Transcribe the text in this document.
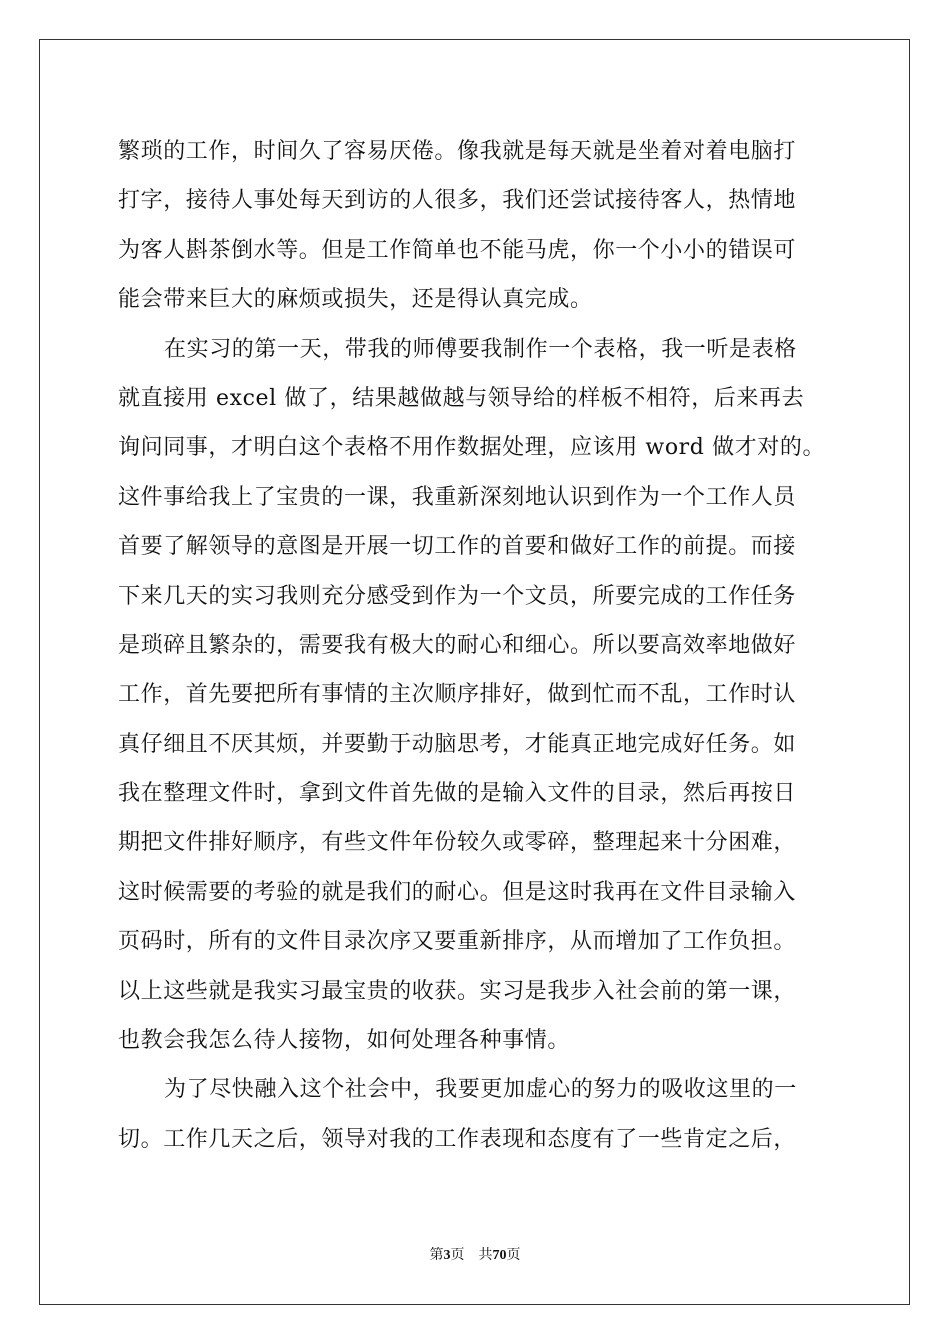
繁琐的工作，时间久了容易厌倦。像我就是每天就是坐着对着电脑打
打字，接待人事处每天到访的人很多，我们还尝试接待客人，热情地
为客人斟茶倒水等。但是工作简单也不能马虎，你一个小小的错误可
能会带来巨大的麻烦或损失，还是得认真完成。
在实习的第一天，带我的师傅要我制作一个表格，我一听是表格
就直接用 excel 做了，结果越做越与领导给的样板不相符，后来再去
询问同事，才明白这个表格不用作数据处理，应该用 word 做才对的。
这件事给我上了宝贵的一课，我重新深刻地认识到作为一个工作人员
首要了解领导的意图是开展一切工作的首要和做好工作的前提。而接
下来几天的实习我则充分感受到作为一个文员，所要完成的工作任务
是琐碎且繁杂的，需要我有极大的耐心和细心。所以要高效率地做好
工作，首先要把所有事情的主次顺序排好，做到忙而不乱，工作时认
真仔细且不厌其烦，并要勤于动脑思考，才能真正地完成好任务。如
我在整理文件时，拿到文件首先做的是输入文件的目录，然后再按日
期把文件排好顺序，有些文件年份较久或零碎，整理起来十分困难，
这时候需要的考验的就是我们的耐心。但是这时我再在文件目录输入
页码时，所有的文件目录次序又要重新排序，从而增加了工作负担。
以上这些就是我实习最宝贵的收获。实习是我步入社会前的第一课，
也教会我怎么待人接物，如何处理各种事情。
为了尽快融入这个社会中，我要更加虚心的努力的吸收这里的一
切。工作几天之后，领导对我的工作表现和态度有了一些肯定之后，
第3页 共70页
